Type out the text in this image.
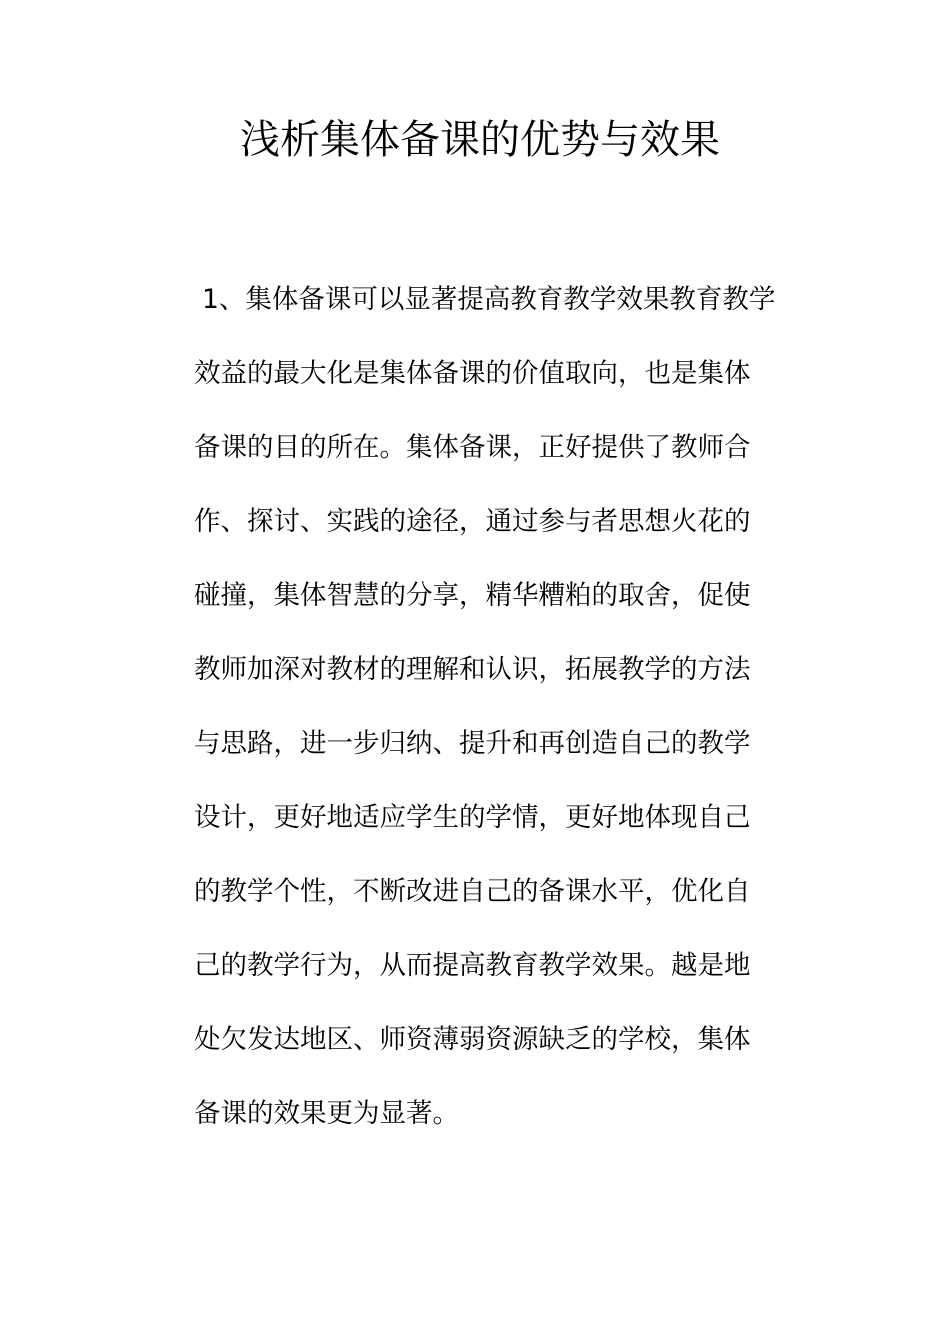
浅析集体备课的优势与效果
1、集体备课可以显著提高教育教学效果教育教学
效益的最大化是集体备课的价值取向，也是集体
备课的目的所在。集体备课，正好提供了教师合
作、探讨、实践的途径，通过参与者思想火花的
碰撞，集体智慧的分享，精华糟粕的取舍，促使
教师加深对教材的理解和认识，拓展教学的方法
与思路，进一步归纳、提升和再创造自己的教学
设计，更好地适应学生的学情，更好地体现自己
的教学个性，不断改进自己的备课水平，优化自
己的教学行为，从而提高教育教学效果。越是地
处欠发达地区、师资薄弱资源缺乏的学校，集体
备课的效果更为显著。
